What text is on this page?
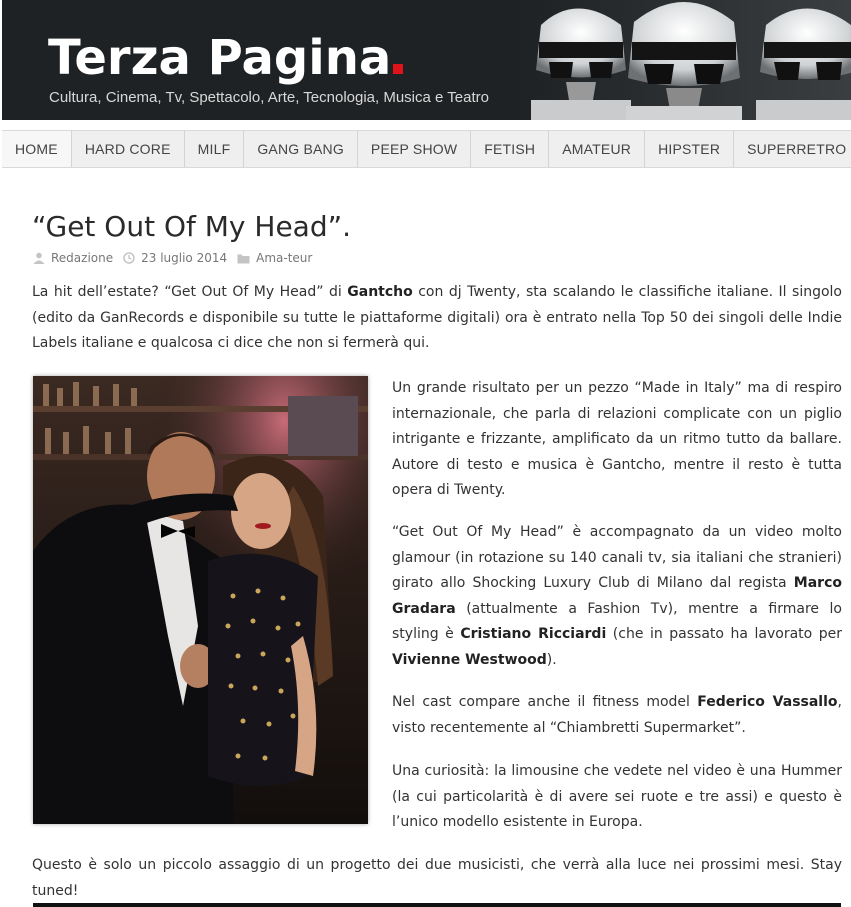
Terza Pagina
Cultura, Cinema, Tv, Spettacolo, Arte, Tecnologia, Musica e Teatro
HOME	HARD CORE	MILF	GANG BANG	PEEP SHOW	FETISH	AMATEUR	HIPSTER	SUPERRETRO
“Get Out Of My Head”.
Redazione 23 luglio 2014 Ama-teur
La hit dell’estate? “Get Out Of My Head” di Gantcho con dj Twenty, sta scalando le classifiche italiane. Il singolo (edito da GanRecords e disponibile su tutte le piattaforme digitali) ora è entrato nella Top 50 dei singoli delle Indie Labels italiane e qualcosa ci dice che non si fermerà qui.
Un grande risultato per un pezzo “Made in Italy” ma di respiro internazionale, che parla di relazioni complicate con un piglio intrigante e frizzante, amplificato da un ritmo tutto da ballare. Autore di testo e musica è Gantcho, mentre il resto è tutta opera di Twenty.
“Get Out Of My Head” è accompagnato da un video molto glamour (in rotazione su 140 canali tv, sia italiani che stranieri) girato allo Shocking Luxury Club di Milano dal regista Marco Gradara (attualmente a Fashion Tv), mentre a firmare lo styling è Cristiano Ricciardi (che in passato ha lavorato per Vivienne Westwood).
Nel cast compare anche il fitness model Federico Vassallo, visto recentemente al “Chiambretti Supermarket”.
Una curiosità: la limousine che vedete nel video è una Hummer (la cui particolarità è di avere sei ruote e tre assi) e questo è l’unico modello esistente in Europa.
Questo è solo un piccolo assaggio di un progetto dei due musicisti, che verrà alla luce nei prossimi mesi. Stay tuned!
